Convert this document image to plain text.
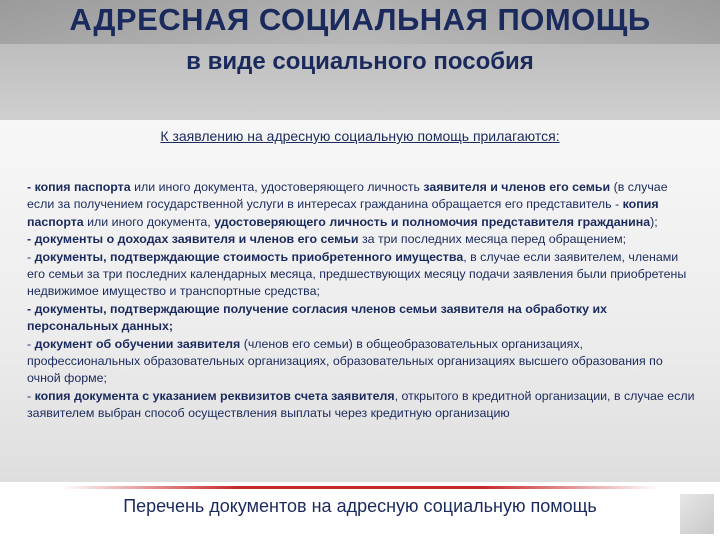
АДРЕСНАЯ СОЦИАЛЬНАЯ ПОМОЩЬ
в виде социального пособия
К заявлению на адресную социальную помощь прилагаются:

- копия паспорта или иного документа, удостоверяющего личность заявителя и членов его семьи (в случае если за получением государственной услуги в интересах гражданина обращается его представитель - копия паспорта или иного документа, удостоверяющего личность и полномочия представителя гражданина);

- документы о доходах заявителя и членов его семьи за три последних месяца перед обращением;

- документы, подтверждающие стоимость приобретенного имущества, в случае если заявителем, членами его семьи за три последних календарных месяца, предшествующих месяцу подачи заявления были приобретены недвижимое имущество и транспортные средства;

- документы, подтверждающие получение согласия членов семьи заявителя на обработку их персональных данных;

- документ об обучении заявителя (членов его семьи) в общеобразовательных организациях, профессиональных образовательных организациях, образовательных организациях высшего образования по очной форме;

- копия документа с указанием реквизитов счета заявителя, открытого в кредитной организации, в случае если заявителем выбран способ осуществления выплаты через кредитную организацию

Перечень документов на адресную социальную помощь
